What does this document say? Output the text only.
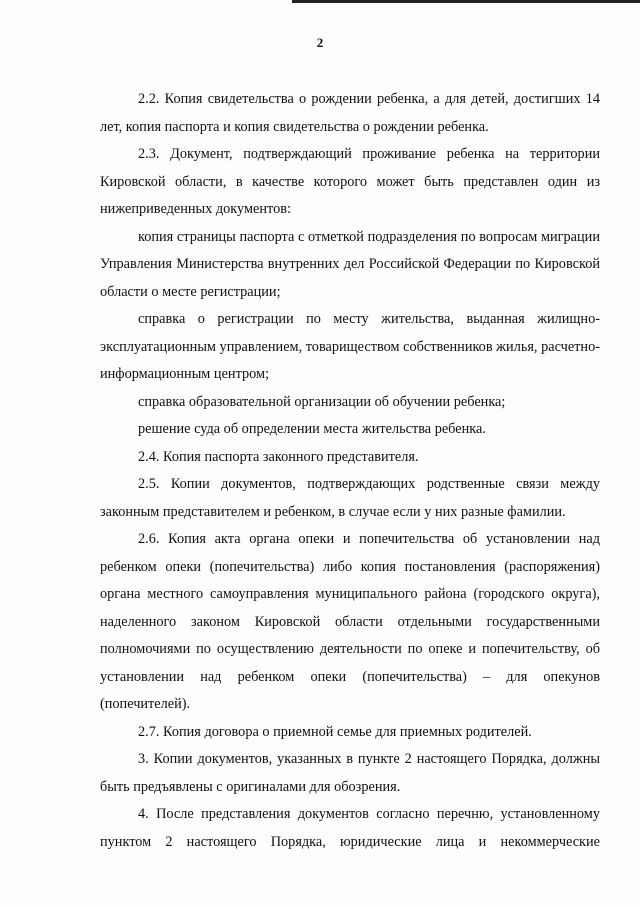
2

2.2. Копия свидетельства о рождении ребенка, а для детей, достигших 14 лет, копия паспорта и копия свидетельства о рождении ребенка.

2.3. Документ, подтверждающий проживание ребенка на территории Кировской области, в качестве которого может быть представлен один из нижеприведенных документов:

копия страницы паспорта с отметкой подразделения по вопросам миграции Управления Министерства внутренних дел Российской Федерации по Кировской области о месте регистрации;

справка о регистрации по месту жительства, выданная жилищно-эксплуатационным управлением, товариществом собственников жилья, расчетно-информационным центром;

справка образовательной организации об обучении ребенка;

решение суда об определении места жительства ребенка.

2.4. Копия паспорта законного представителя.

2.5. Копии документов, подтверждающих родственные связи между законным представителем и ребенком, в случае если у них разные фамилии.

2.6. Копия акта органа опеки и попечительства об установлении над ребенком опеки (попечительства) либо копия постановления (распоряжения) органа местного самоуправления муниципального района (городского округа), наделенного законом Кировской области отдельными государственными полномочиями по осуществлению деятельности по опеке и попечительству, об установлении над ребенком опеки (попечительства) – для опекунов (попечителей).

2.7. Копия договора о приемной семье для приемных родителей.

3. Копии документов, указанных в пункте 2 настоящего Порядка, должны быть предъявлены с оригиналами для обозрения.

4. После представления документов согласно перечню, установленному пунктом 2 настоящего Порядка, юридические лица и некоммерческие
